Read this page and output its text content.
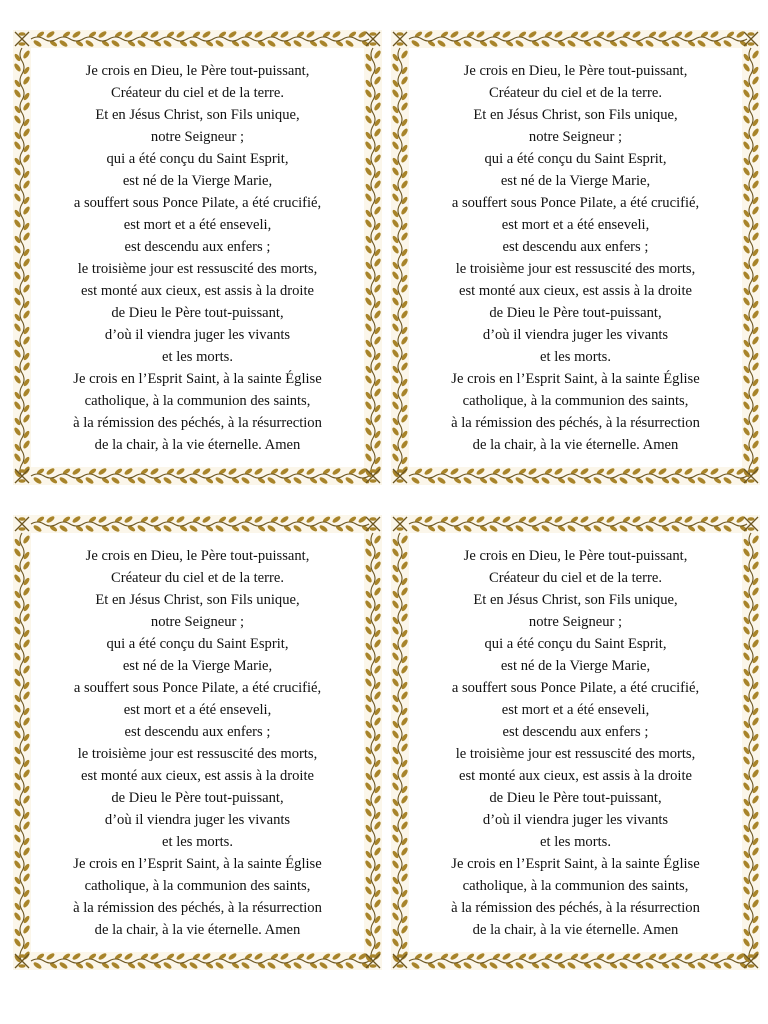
Je crois en Dieu, le Père tout-puissant,
Créateur du ciel et de la terre.
Et en Jésus Christ, son Fils unique,
notre Seigneur ;
qui a été conçu du Saint Esprit,
est né de la Vierge Marie,
a souffert sous Ponce Pilate, a été crucifié,
est mort et a été enseveli,
est descendu aux enfers ;
le troisième jour est ressuscité des morts,
est monté aux cieux, est assis à la droite
de Dieu le Père tout-puissant,
d’où il viendra juger les vivants
et les morts.
Je crois en l’Esprit Saint, à la sainte Église
catholique, à la communion des saints,
à la rémission des péchés, à la résurrection
de la chair, à la vie éternelle. Amen
Je crois en Dieu, le Père tout-puissant,
Créateur du ciel et de la terre.
Et en Jésus Christ, son Fils unique,
notre Seigneur ;
qui a été conçu du Saint Esprit,
est né de la Vierge Marie,
a souffert sous Ponce Pilate, a été crucifié,
est mort et a été enseveli,
est descendu aux enfers ;
le troisième jour est ressuscité des morts,
est monté aux cieux, est assis à la droite
de Dieu le Père tout-puissant,
d’où il viendra juger les vivants
et les morts.
Je crois en l’Esprit Saint, à la sainte Église
catholique, à la communion des saints,
à la rémission des péchés, à la résurrection
de la chair, à la vie éternelle. Amen
Je crois en Dieu, le Père tout-puissant,
Créateur du ciel et de la terre.
Et en Jésus Christ, son Fils unique,
notre Seigneur ;
qui a été conçu du Saint Esprit,
est né de la Vierge Marie,
a souffert sous Ponce Pilate, a été crucifié,
est mort et a été enseveli,
est descendu aux enfers ;
le troisième jour est ressuscité des morts,
est monté aux cieux, est assis à la droite
de Dieu le Père tout-puissant,
d’où il viendra juger les vivants
et les morts.
Je crois en l’Esprit Saint, à la sainte Église
catholique, à la communion des saints,
à la rémission des péchés, à la résurrection
de la chair, à la vie éternelle. Amen
Je crois en Dieu, le Père tout-puissant,
Créateur du ciel et de la terre.
Et en Jésus Christ, son Fils unique,
notre Seigneur ;
qui a été conçu du Saint Esprit,
est né de la Vierge Marie,
a souffert sous Ponce Pilate, a été crucifié,
est mort et a été enseveli,
est descendu aux enfers ;
le troisième jour est ressuscité des morts,
est monté aux cieux, est assis à la droite
de Dieu le Père tout-puissant,
d’où il viendra juger les vivants
et les morts.
Je crois en l’Esprit Saint, à la sainte Église
catholique, à la communion des saints,
à la rémission des péchés, à la résurrection
de la chair, à la vie éternelle. Amen
